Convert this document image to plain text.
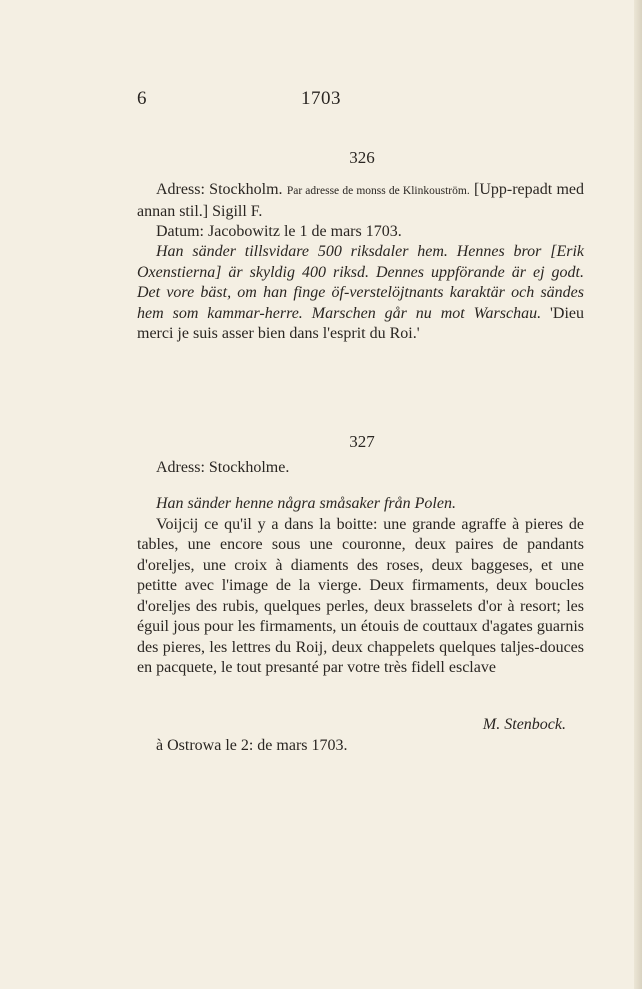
6	1703
326

Adress: Stockholm. Par adresse de monss de Klinkouström. [Upp-repadt med annan stil.] Sigill F.

Datum: Jacobowitz le 1 de mars 1703.

Han sänder tillsvidare 500 riksdaler hem. Hennes bror [Erik Oxenstierna] är skyldig 400 riksd. Dennes uppförande är ej godt. Det vore bäst, om han finge öf-verstelöjtnants karaktär och sändes hem som kammar-herre. Marschen går nu mot Warschau. 'Dieu merci je suis asser bien dans l'esprit du Roi.'

327

Adress: Stockholme.

Han sänder henne några småsaker från Polen.

Voijcij ce qu'il y a dans la boitte: une grande agraffe à pieres de tables, une encore sous une couronne, deux paires de pandants d'oreljes, une croix à diaments des roses, deux baggeses, et une petitte avec l'image de la vierge. Deux firmaments, deux boucles d'oreljes des rubis, quelques perles, deux brasselets d'or à resort; les éguil jous pour les firmaments, un étouis de couttaux d'agates guarnis des pieres, les lettres du Roij, deux chappelets quelques taljes-douces en pacquete, le tout presanté par votre très fidell esclave

M. Stenbock.
à Ostrowa le 2: de mars 1703.
